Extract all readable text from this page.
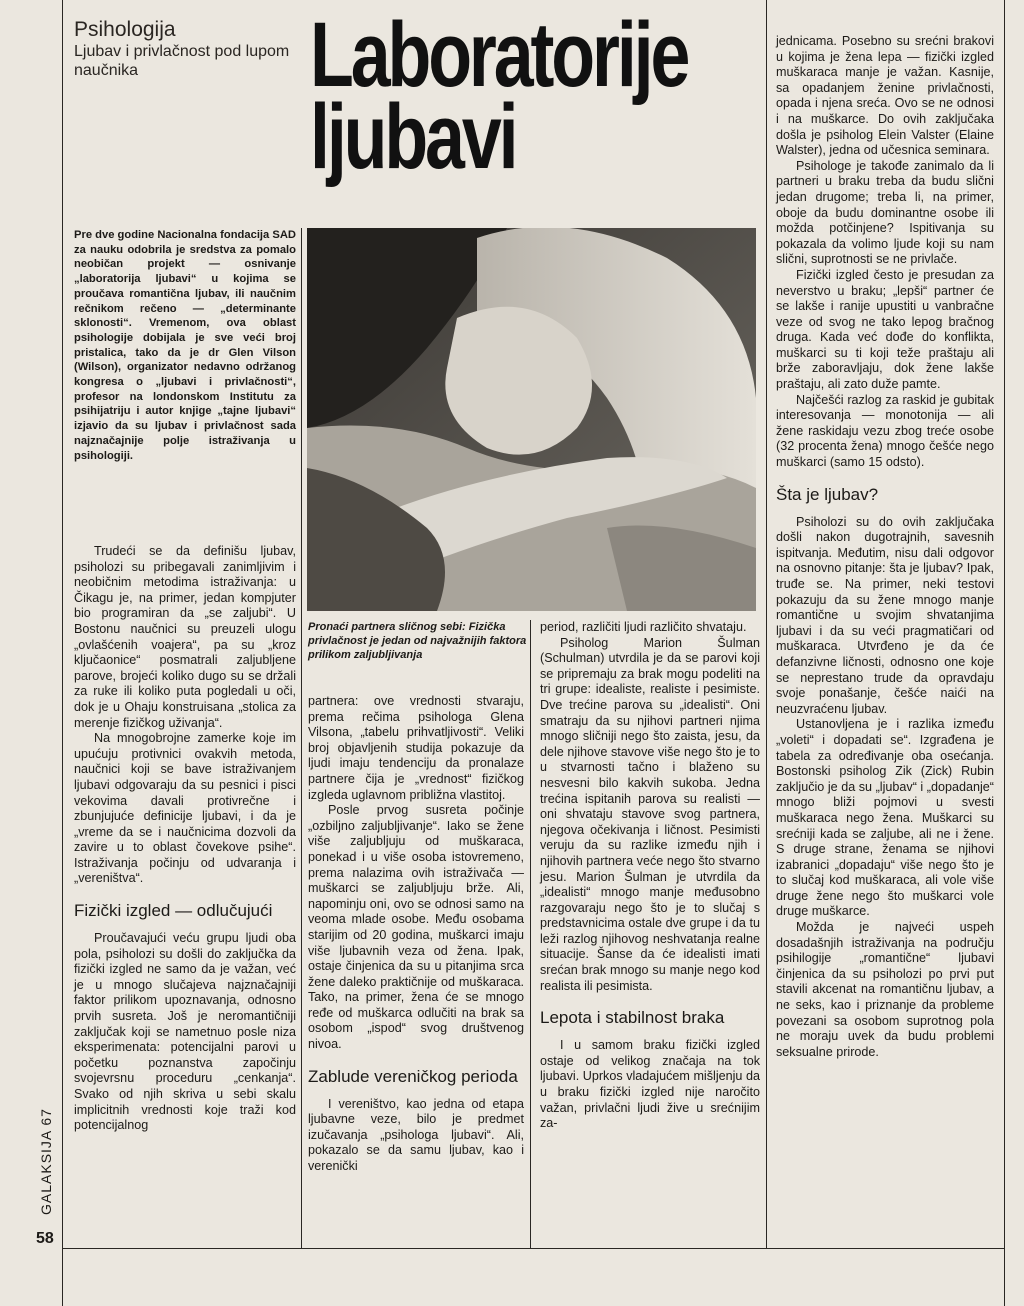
Psihologija
Ljubav i privlačnost pod lupom naučnika	Laboratorije
ljubavi
Pre dve godine Nacionalna fondacija SAD za nauku odobrila je sredstva za pomalo neobičan projekt — osnivanje „laboratorija ljubavi“ u kojima se proučava romantična ljubav, ili naučnim rečnikom rečeno — „determinante sklonosti“. Vremenom, ova oblast psihologije dobijala je sve veći broj pristalica, tako da je dr Glen Vilson (Wilson), organizator nedavno održanog kongresa o „ljubavi i privlačnosti“, profesor na londonskom Institutu za psihijatriju i autor knjige „tajne ljubavi“ izjavio da su ljubav i privlačnost sada najznačajnije polje istraživanja u psihologiji.
Pronaći partnera sličnog sebi: Fizička privlačnost je jedan od najvažnijih faktora prilikom zaljubljivanja

Trudeći se da definišu ljubav, psiholozi su pribegavali zanimljivim i neobičnim metodima istraživanja: u Čikagu je, na primer, jedan kompjuter bio programiran da „se zaljubi“. U Bostonu naučnici su preuzeli ulogu „ovlašćenih voajera“, pa su „kroz ključaonice“ posmatrali zaljubljene parove, brojeći koliko dugo su se držali za ruke ili koliko puta pogledali u oči, dok je u Ohaju konstruisana „stolica za merenje fizičkog uživanja“.

Na mnogobrojne zamerke koje im upućuju protivnici ovakvih metoda, naučnici koji se bave istraživanjem ljubavi odgovaraju da su pesnici i pisci vekovima davali protivrečne i zbunjujuće definicije ljubavi, i da je „vreme da se i naučnicima dozvoli da zavire u to oblast čovekove psihe“. Istraživanja počinju od udvaranja i „vereništva“.

Fizički izgled — odlučujući

Proučavajući veću grupu ljudi oba pola, psiholozi su došli do zaključka da fizički izgled ne samo da je važan, već je u mnogo slučajeva najznačajniji faktor prilikom upoznavanja, odnosno prvih susreta. Još je neromantičniji zaključak koji se nametnuo posle niza eksperimenata: potencijalni parovi u početku poznanstva započinju svojevrsnu proceduru „cenkanja“. Svako od njih skriva u sebi skalu implicitnih vrednosti koje traži kod potencijalnog

partnera: ove vrednosti stvaraju, prema rečima psihologa Glena Vilsona, „tabelu prihvatljivosti“. Veliki broj objavljenih studija pokazuje da ljudi imaju tendenciju da pronalaze partnere čija je „vrednost“ fizičkog izgleda uglavnom približna vlastitoj.

Posle prvog susreta počinje „ozbiljno zaljubljivanje“. Iako se žene više zaljubljuju od muškaraca, ponekad i u više osoba istovremeno, prema nalazima ovih istraživača — muškarci se zaljubljuju brže. Ali, napominju oni, ovo se odnosi samo na veoma mlade osobe. Među osobama starijim od 20 godina, muškarci imaju više ljubavnih veza od žena. Ipak, ostaje činjenica da su u pitanjima srca žene daleko praktičnije od muškaraca. Tako, na primer, žena će se mnogo ređe od muškarca odlučiti na brak sa osobom „ispod“ svog društvenog nivoa.

Zablude vereničkog perioda

I vereništvo, kao jedna od etapa ljubavne veze, bilo je predmet izučavanja „psihologa ljubavi“. Ali, pokazalo se da samu ljubav, kao i verenički

period, različiti ljudi različito shvataju.

Psiholog Marion Šulman (Schulman) utvrdila je da se parovi koji se pripremaju za brak mogu podeliti na tri grupe: idealiste, realiste i pesimiste. Dve trećine parova su „idealisti“. Oni smatraju da su njihovi partneri njima mnogo sličniji nego što zaista, jesu, da dele njihove stavove više nego što je to u stvarnosti tačno i blaženo su nesvesni bilo kakvih sukoba. Jedna trećina ispitanih parova su realisti — oni shvataju stavove svog partnera, njegova očekivanja i ličnost. Pesimisti veruju da su razlike između njih i njihovih partnera veće nego što stvarno jesu. Marion Šulman je utvrdila da „idealisti“ mnogo manje međusobno razgovaraju nego što je to slučaj s predstavnicima ostale dve grupe i da tu leži razlog njihovog neshvatanja realne situacije. Šanse da će idealisti imati srećan brak mnogo su manje nego kod realista ili pesimista.

Lepota i stabilnost braka

I u samom braku fizički izgled ostaje od velikog značaja na tok ljubavi. Uprkos vladajućem mišljenju da u braku fizički izgled nije naročito važan, privlačni ljudi žive u srećnijim za-

jednicama. Posebno su srećni brakovi u kojima je žena lepa — fizički izgled muškaraca manje je važan. Kasnije, sa opadanjem ženine privlačnosti, opada i njena sreća. Ovo se ne odnosi i na muškarce. Do ovih zaključaka došla je psiholog Elein Valster (Elaine Walster), jedna od učesnica seminara.

Psihologe je takođe zanimalo da li partneri u braku treba da budu slični jedan drugome; treba li, na primer, oboje da budu dominantne osobe ili možda potčinjene? Ispitivanja su pokazala da volimo ljude koji su nam slični, suprotnosti se ne privlače.

Fizički izgled često je presudan za neverstvo u braku; „lepši“ partner će se lakše i ranije upustiti u vanbračne veze od svog ne tako lepog bračnog druga. Kada već dođe do konflikta, muškarci su ti koji teže praštaju ali brže zaboravljaju, dok žene lakše praštaju, ali zato duže pamte.

Najčešći razlog za raskid je gubitak interesovanja — monotonija — ali žene raskidaju vezu zbog treće osobe (32 procenta žena) mnogo češće nego muškarci (samo 15 odsto).

Šta je ljubav?

Psiholozi su do ovih zaključaka došli nakon dugotrajnih, savesnih ispitvanja. Međutim, nisu dali odgovor na osnovno pitanje: šta je ljubav? Ipak, truđe se. Na primer, neki testovi pokazuju da su žene mnogo manje romantične u svojim shvatanjima ljubavi i da su veći pragmatičari od muškaraca. Utvrđeno je da će defanzivne ličnosti, odnosno one koje se neprestano trude da opravdaju svoje ponašanje, češće naići na neuzvraćenu ljubav.

Ustanovljena je i razlika između „voleti“ i dopadati se“. Izgrađena je tabela za određivanje oba osećanja. Bostonski psiholog Zik (Zick) Rubin zaključio je da su „ljubav“ i „dopadanje“ mnogo bliži pojmovi u svesti muškaraca nego žena. Muškarci su srećniji kada se zaljube, ali ne i žene. S druge strane, ženama se njihovi izabranici „dopadaju“ više nego što je to slučaj kod muškaraca, ali vole više druge žene nego što muškarci vole druge muškarce.

Možda je najveći uspeh dosadašnjih istraživanja na području psihilogije „romantične“ ljubavi činjenica da su psiholozi po prvi put stavili akcenat na romantičnu ljubav, a ne seks, kao i priznanje da probleme povezani sa osobom suprotnog pola ne moraju uvek da budu problemi seksualne prirode.

GALAKSIJA 67
58
